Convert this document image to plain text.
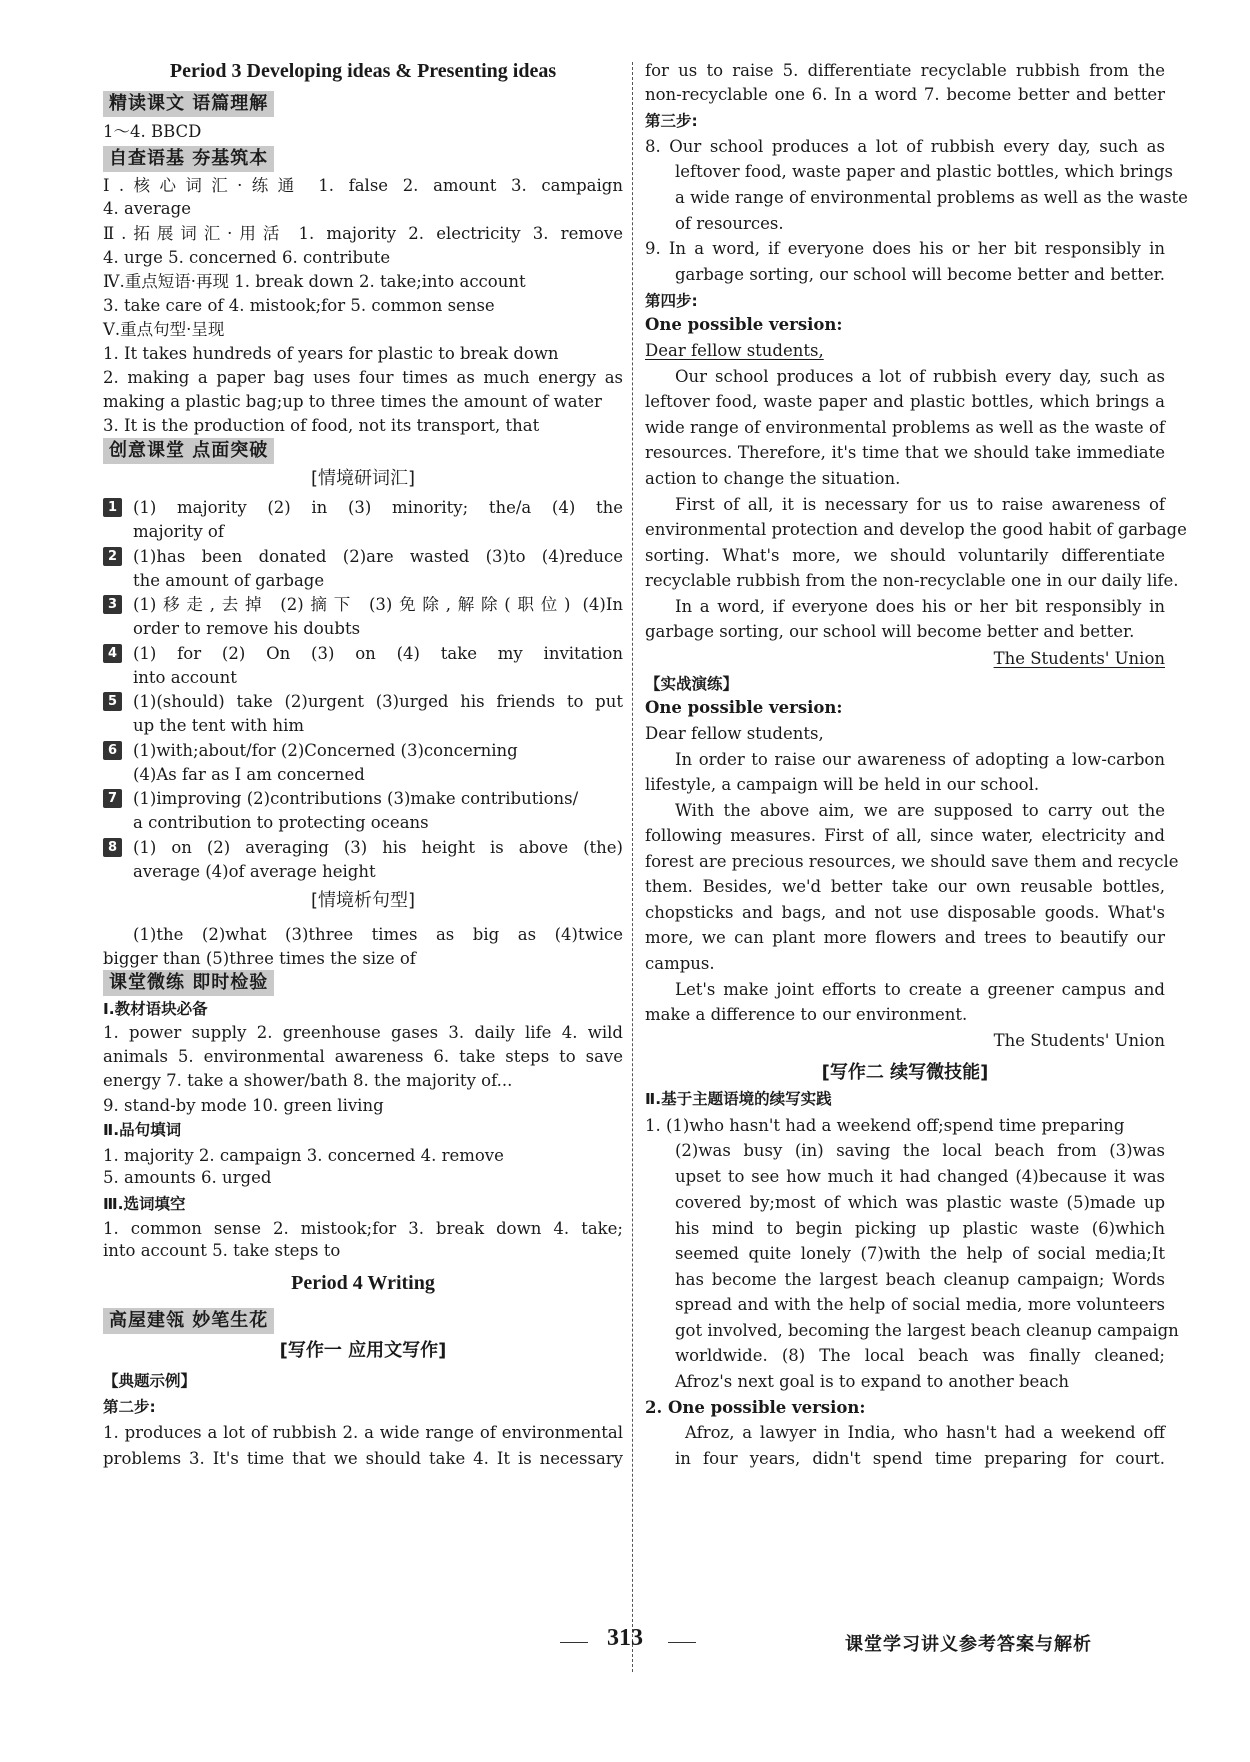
Period 3 Developing ideas & Presenting ideas
精读课文 语篇理解
1～4. BBCD
自查语基 夯基筑本
Ⅰ.核心词汇·练通 1. false 2. amount 3. campaign
4. average
Ⅱ.拓展词汇·用活 1. majority 2. electricity 3. remove
4. urge 5. concerned 6. contribute
Ⅳ.重点短语·再现 1. break down 2. take;into account
3. take care of 4. mistook;for 5. common sense
Ⅴ.重点句型·呈现
1. It takes hundreds of years for plastic to break down
2. making a paper bag uses four times as much energy as
making a plastic bag;up to three times the amount of water
3. It is the production of food, not its transport, that
创意课堂 点面突破
[情境研词汇]
1 (1) majority (2) in (3) minority; the/a (4) the
majority of
2 (1)has been donated (2)are wasted (3)to (4)reduce
the amount of garbage
3 (1)移走,去掉 (2)摘下 (3)免除,解除(职位) (4)In
order to remove his doubts
4 (1) for (2) On (3) on (4) take my invitation
into account
5 (1)(should) take (2)urgent (3)urged his friends to put
up the tent with him
6 (1)with;about/for (2)Concerned (3)concerning
(4)As far as I am concerned
7 (1)improving (2)contributions (3)make contributions/
a contribution to protecting oceans
8 (1) on (2) averaging (3) his height is above (the)
average (4)of average height
[情境析句型]
(1)the (2)what (3)three times as big as (4)twice
bigger than (5)three times the size of
课堂微练 即时检验
Ⅰ.教材语块必备
1. power supply 2. greenhouse gases 3. daily life 4. wild
animals 5. environmental awareness 6. take steps to save
energy 7. take a shower/bath 8. the majority of...
9. stand-by mode 10. green living
Ⅱ.品句填词
1. majority 2. campaign 3. concerned 4. remove
5. amounts 6. urged
Ⅲ.选词填空
1. common sense 2. mistook;for 3. break down 4. take;
into account 5. take steps to
Period 4 Writing
高屋建瓴 妙笔生花
[写作一 应用文写作]
【典题示例】
第二步:
1. produces a lot of rubbish 2. a wide range of environmental
problems 3. It's time that we should take 4. It is necessary
for us to raise 5. differentiate recyclable rubbish from the
non-recyclable one 6. In a word 7. become better and better
第三步:
8. Our school produces a lot of rubbish every day, such as
leftover food, waste paper and plastic bottles, which brings
a wide range of environmental problems as well as the waste
of resources.
9. In a word, if everyone does his or her bit responsibly in
garbage sorting, our school will become better and better.
第四步:
One possible version:
Dear fellow students,
Our school produces a lot of rubbish every day, such as
leftover food, waste paper and plastic bottles, which brings a
wide range of environmental problems as well as the waste of
resources. Therefore, it's time that we should take immediate
action to change the situation.
First of all, it is necessary for us to raise awareness of
environmental protection and develop the good habit of garbage
sorting. What's more, we should voluntarily differentiate
recyclable rubbish from the non-recyclable one in our daily life.
In a word, if everyone does his or her bit responsibly in
garbage sorting, our school will become better and better.
The Students' Union
【实战演练】
One possible version:
Dear fellow students,
In order to raise our awareness of adopting a low-carbon
lifestyle, a campaign will be held in our school.
With the above aim, we are supposed to carry out the
following measures. First of all, since water, electricity and
forest are precious resources, we should save them and recycle
them. Besides, we'd better take our own reusable bottles,
chopsticks and bags, and not use disposable goods. What's
more, we can plant more flowers and trees to beautify our
campus.
Let's make joint efforts to create a greener campus and
make a difference to our environment.
The Students' Union
[写作二 续写微技能]
Ⅱ.基于主题语境的续写实践
1. (1)who hasn't had a weekend off;spend time preparing
(2)was busy (in) saving the local beach from (3)was
upset to see how much it had changed (4)because it was
covered by;most of which was plastic waste (5)made up
his mind to begin picking up plastic waste (6)which
seemed quite lonely (7)with the help of social media;It
has become the largest beach cleanup campaign; Words
spread and with the help of social media, more volunteers
got involved, becoming the largest beach cleanup campaign
worldwide. (8) The local beach was finally cleaned;
Afroz's next goal is to expand to another beach
2. One possible version:
Afroz, a lawyer in India, who hasn't had a weekend off
in four years, didn't spend time preparing for court.
313	课堂学习讲义参考答案与解析
